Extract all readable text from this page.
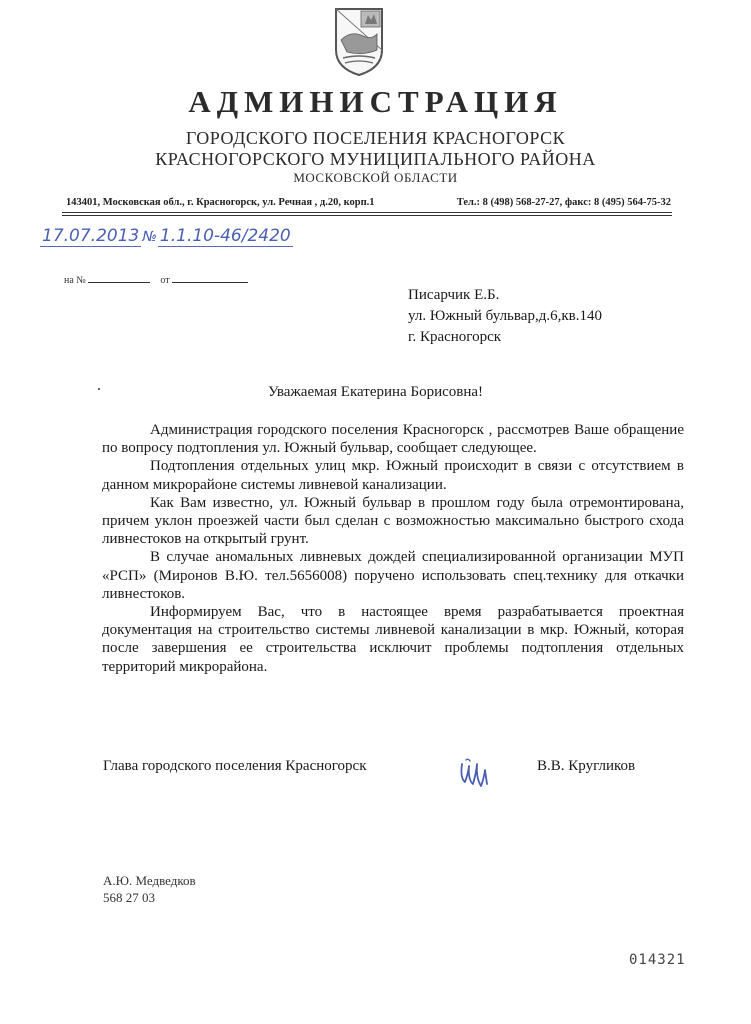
АДМИНИСТРАЦИЯ
ГОРОДСКОГО ПОСЕЛЕНИЯ КРАСНОГОРСК
КРАСНОГОРСКОГО МУНИЦИПАЛЬНОГО РАЙОНА
МОСКОВСКОЙ ОБЛАСТИ
143401, Московская обл., г. Красногорск, ул. Речная , д.20, корп.1	Тел.: 8 (498) 568-27-27, факс: 8 (495) 564-75-32
17.07.2013 № 1.1.10-46/2420
на №	от
Писарчик Е.Б.
ул. Южный бульвар,д.6,кв.140
г. Красногорск
Уважаемая Екатерина Борисовна!

Администрация городского поселения Красногорск , рассмотрев Ваше обращение по вопросу подтопления ул. Южный бульвар, сообщает следующее.

Подтопления отдельных улиц мкр. Южный происходит в связи с отсутствием в данном микрорайоне системы ливневой канализации.

Как Вам известно, ул. Южный бульвар в прошлом году была отремонтирована, причем уклон проезжей части был сделан с возможностью максимально быстрого схода ливнестоков на открытый грунт.

В случае аномальных ливневых дождей специализированной организации МУП «РСП» (Миронов В.Ю. тел.5656008) поручено использовать спец.технику для откачки ливнестоков.

Информируем Вас, что в настоящее время разрабатывается проектная документация на строительство системы ливневой канализации в мкр. Южный, которая после завершения ее строительства исключит проблемы подтопления отдельных территорий микрорайона.

Глава городского поселения Красногорск	В.В. Кругликов
А.Ю. Медведков
568 27 03
014321
